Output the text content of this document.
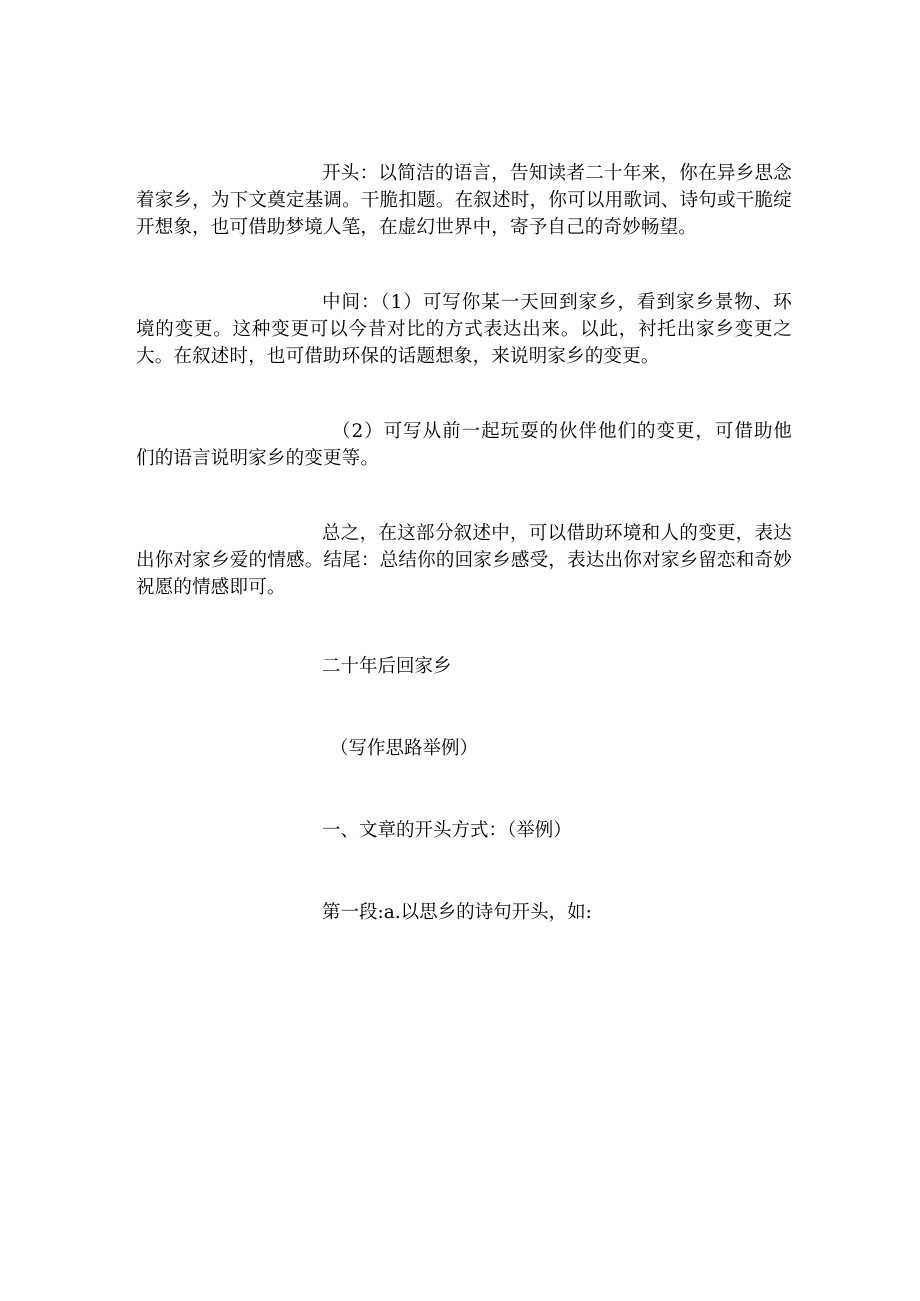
开头：以简洁的语言，告知读者二十年来，你在异乡思念着家乡，为下文奠定基调。干脆扣题。在叙述时，你可以用歌词、诗句或干脆绽开想象，也可借助梦境人笔，在虚幻世界中，寄予自己的奇妙畅望。

中间：（1）可写你某一天回到家乡，看到家乡景物、环境的变更。这种变更可以今昔对比的方式表达出来。以此，衬托出家乡变更之大。在叙述时，也可借助环保的话题想象，来说明家乡的变更。

（2）可写从前一起玩耍的伙伴他们的变更，可借助他们的语言说明家乡的变更等。

总之，在这部分叙述中，可以借助环境和人的变更，表达出你对家乡爱的情感。结尾：总结你的回家乡感受，表达出你对家乡留恋和奇妙祝愿的情感即可。

二十年后回家乡

（写作思路举例）

一、文章的开头方式：（举例）

第一段:a.以思乡的诗句开头，如:
